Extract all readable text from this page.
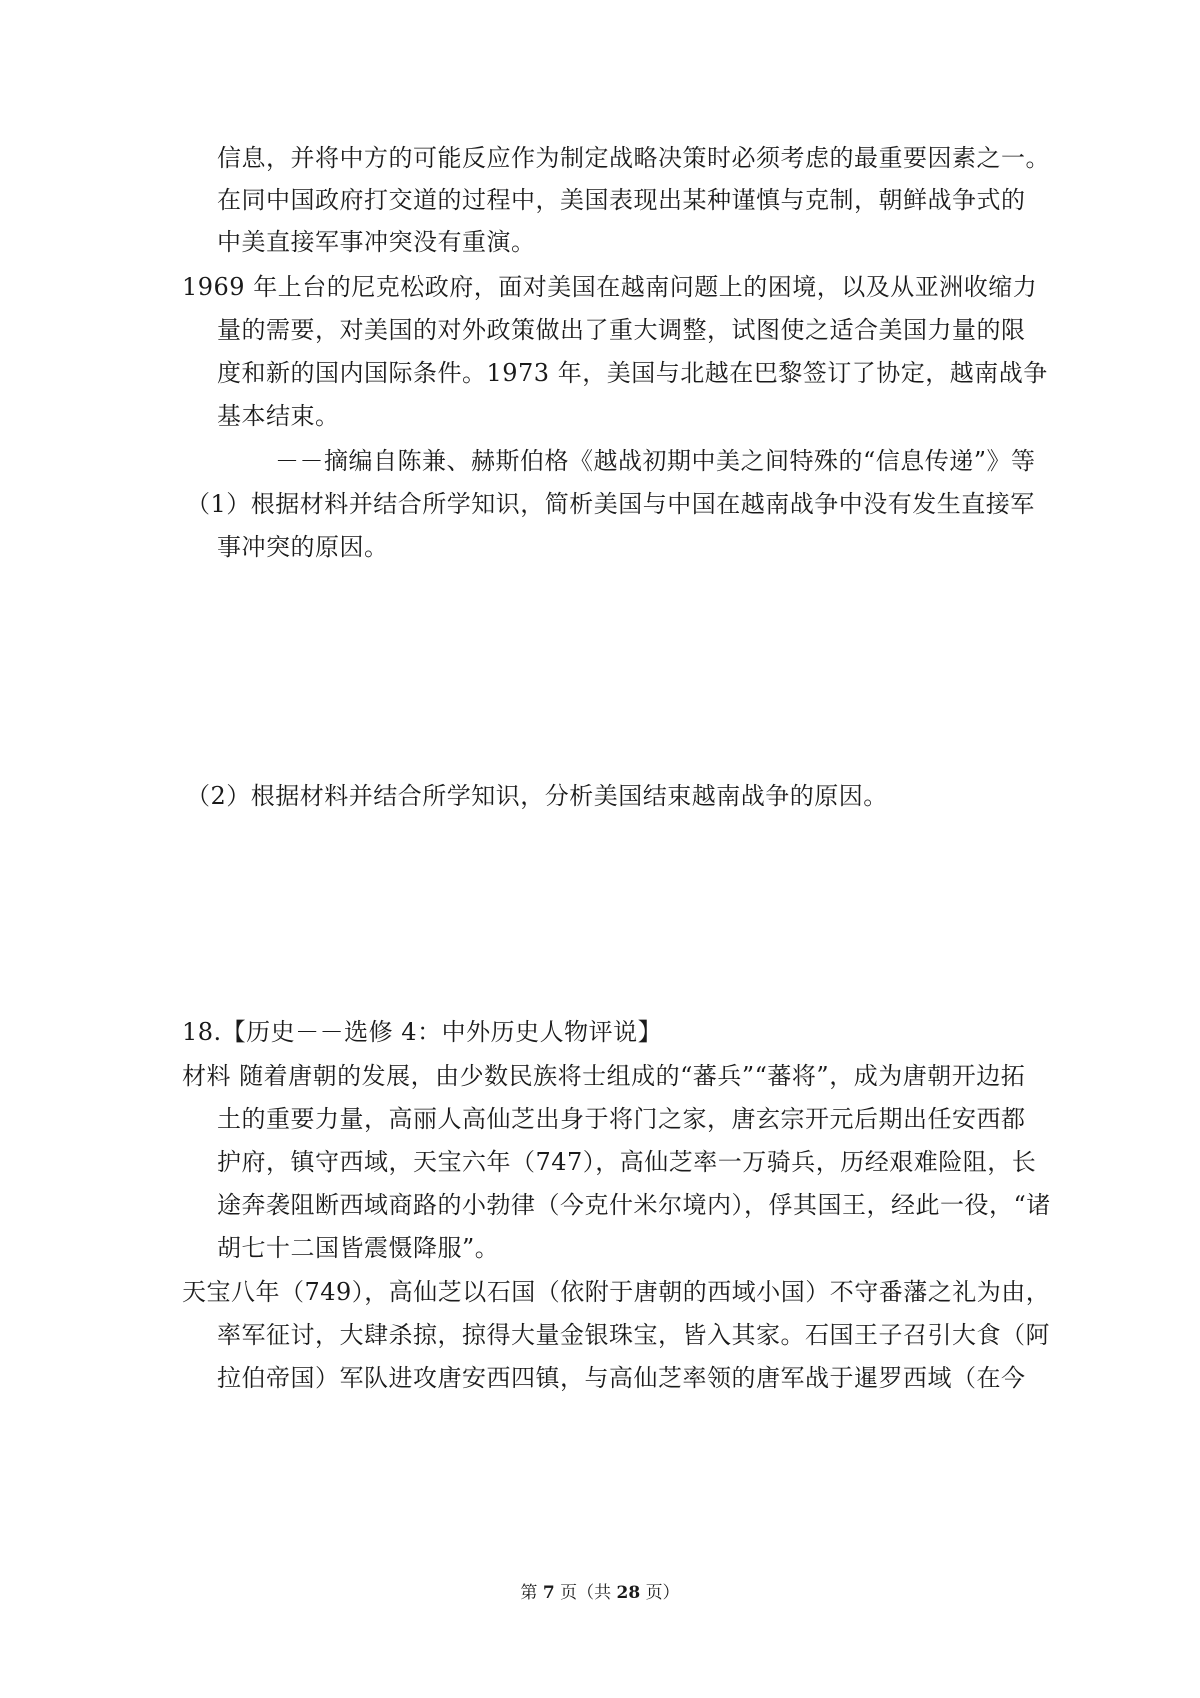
信息，并将中方的可能反应作为制定战略决策时必须考虑的最重要因素之一。
在同中国政府打交道的过程中，美国表现出某种谨慎与克制，朝鲜战争式的
中美直接军事冲突没有重演。
1969 年上台的尼克松政府，面对美国在越南问题上的困境，以及从亚洲收缩力
量的需要，对美国的对外政策做出了重大调整，试图使之适合美国力量的限
度和新的国内国际条件。1973 年，美国与北越在巴黎签订了协定，越南战争
基本结束。
－－摘编自陈兼、赫斯伯格《越战初期中美之间特殊的“信息传递”》等
（1）根据材料并结合所学知识，简析美国与中国在越南战争中没有发生直接军
事冲突的原因。
（2）根据材料并结合所学知识，分析美国结束越南战争的原因。
18.【历史－－选修 4：中外历史人物评说】
材料 随着唐朝的发展，由少数民族将士组成的“蕃兵”“蕃将”，成为唐朝开边拓
土的重要力量，高丽人高仙芝出身于将门之家，唐玄宗开元后期出任安西都
护府，镇守西域，天宝六年（747），高仙芝率一万骑兵，历经艰难险阻，长
途奔袭阻断西域商路的小勃律（今克什米尔境内），俘其国王，经此一役，“诸
胡七十二国皆震慑降服”。
天宝八年（749），高仙芝以石国（依附于唐朝的西域小国）不守番藩之礼为由，
率军征讨，大肆杀掠，掠得大量金银珠宝，皆入其家。石国王子召引大食（阿
拉伯帝国）军队进攻唐安西四镇，与高仙芝率领的唐军战于暹罗西域（在今
第 7 页（共 28 页）
